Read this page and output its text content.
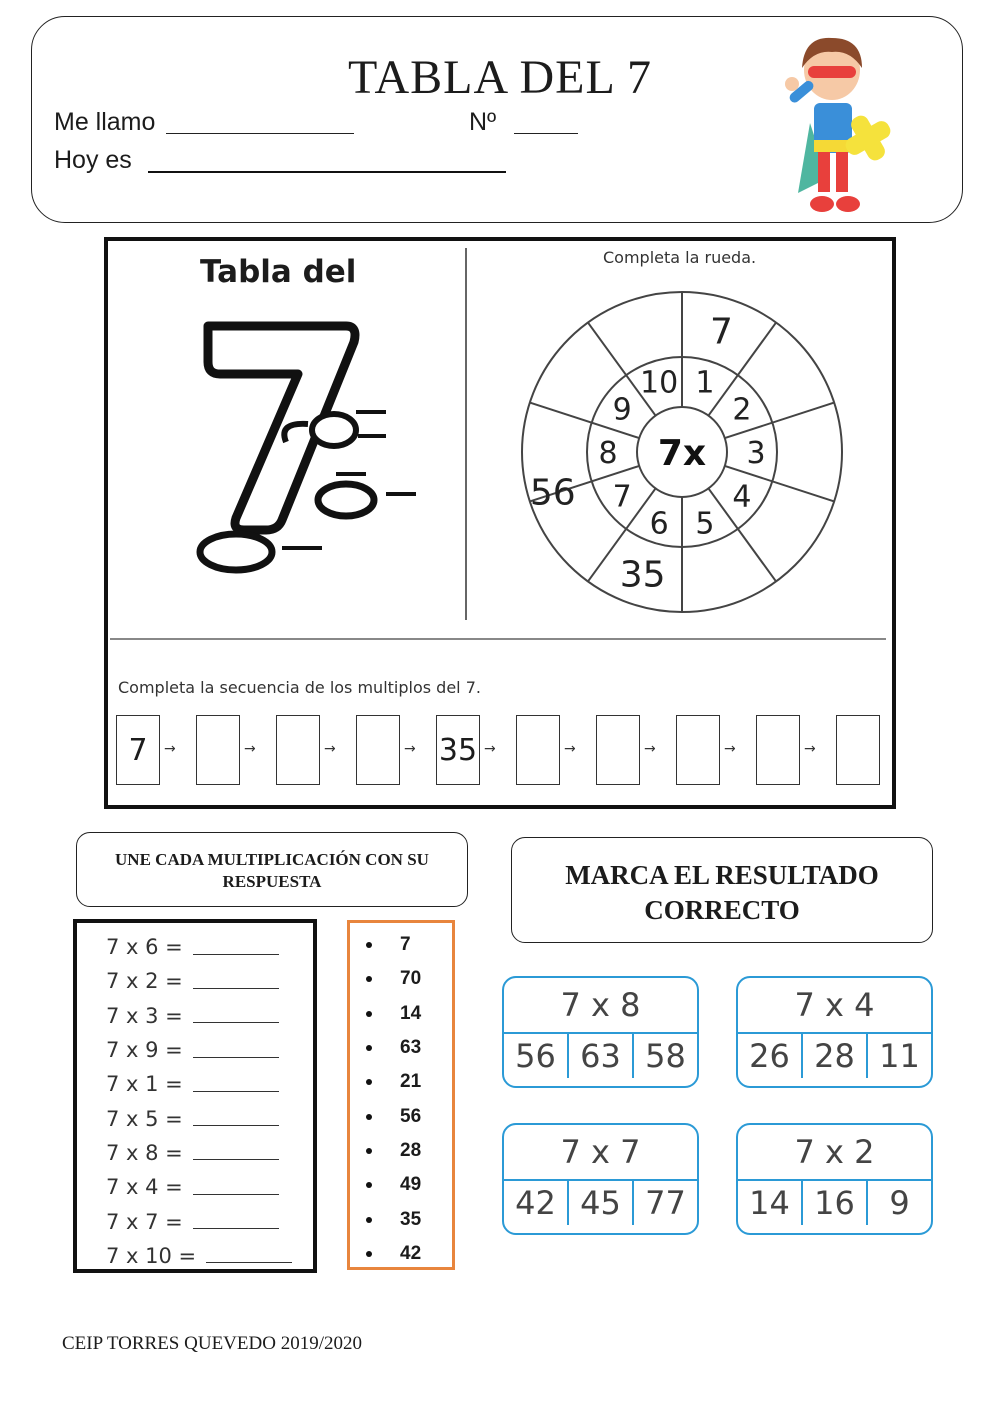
TABLA DEL 7
Me llamo	Nº
Hoy es
Tabla del	Completa la rueda.
7x
1
2
3
4
5
6
7
8
9
10
7
56
35
Completa la secuencia de los multiplos del 7.
7	→	→	→	→ 35 →	→	→	→	→
UNE CADA MULTIPLICACIÓN CON SU RESPUESTA
7 x 6 =
7 x 2 =
7 x 3 =
7 x 9 =
7 x 1 =
7 x 5 =
7 x 8 =
7 x 4 =
7 x 7 =
7 x 10 =
7
70
14
63
21
56
28
49
35
42
MARCA EL RESULTADO CORRECTO
7 x 8
56 63 58
7 x 4
26 28 11
7 x 7
42 45 77
7 x 2
14 16	9
CEIP TORRES QUEVEDO 2019/2020
